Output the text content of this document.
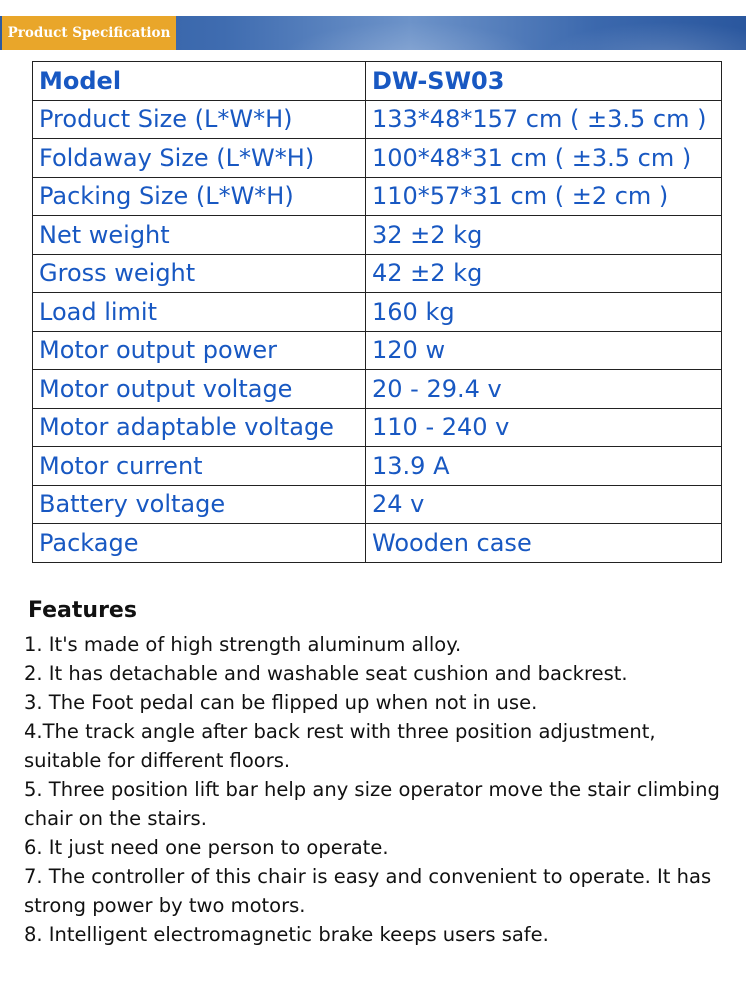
Product Specification
Model	DW-SW03
Product Size (L*W*H)	133*48*157 cm ( ±3.5 cm )
Foldaway Size (L*W*H)	100*48*31 cm ( ±3.5 cm )
Packing Size (L*W*H)	110*57*31 cm ( ±2 cm )
Net weight	32 ±2 kg
Gross weight	42 ±2 kg
Load limit	160 kg
Motor output power	120 w
Motor output voltage	20 - 29.4 v
Motor adaptable voltage	110 - 240 v
Motor current	13.9 A
Battery voltage	24 v
Package	Wooden case
Features

1. It's made of high strength aluminum alloy.

2. It has detachable and washable seat cushion and backrest.

3. The Foot pedal can be flipped up when not in use.

4.The track angle after back rest with three position adjustment, suitable for different floors.

5. Three position lift bar help any size operator move the stair climbing chair on the stairs.

6. It just need one person to operate.

7. The controller of this chair is easy and convenient to operate. It has strong power by two motors.

8. Intelligent electromagnetic brake keeps users safe.
